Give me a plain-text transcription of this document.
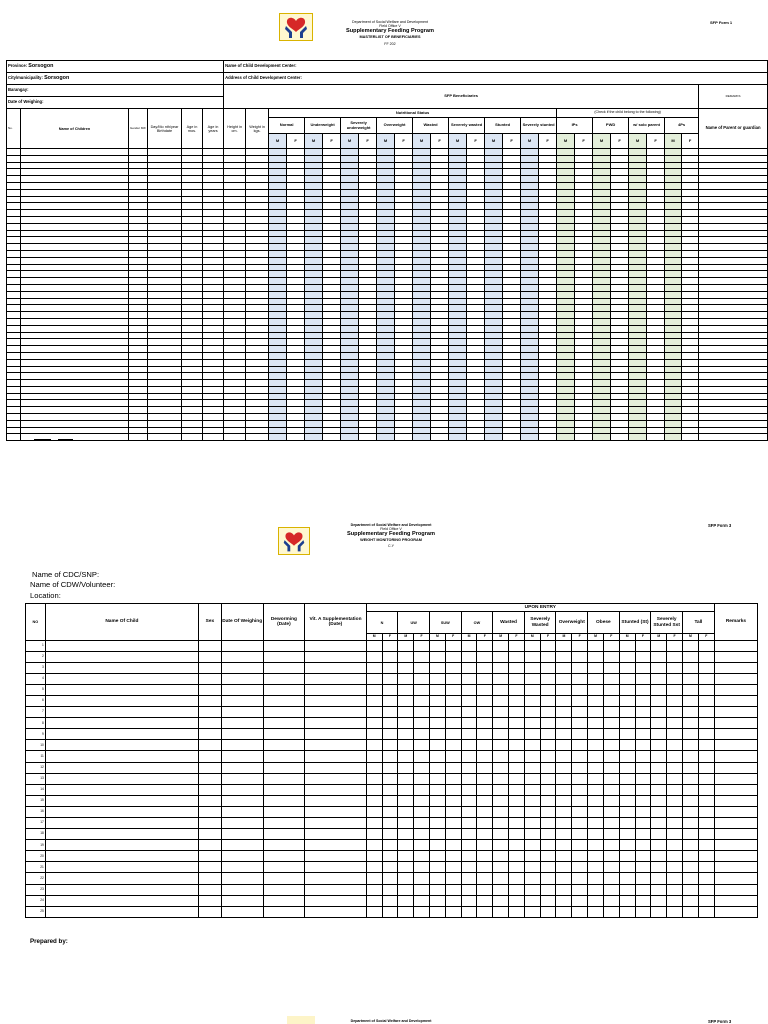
Department of Social Welfare and Development
Field Office V
Supplementary Feeding Program
MASTERLIST OF BENEFICIARIES
FF 202
SFP Form 1
Province: Sorsogon						Name of Child Development Center:																										
City/municipality: Sorsogon						Address of Child Development Center:																										
Barangay:						SFP Beneficiaries																										REMARKS
Date of Weighing:																																
No.	Name of Children	Gender M/F	Day/Mo nth/year Birthdate	Age in mos.	Age in years	Height in cm.	Weight in kgs.	Nutritional Status																(Check if the child belong to the following)								Name of Parent or guardian
								Normal		Underweight		Severely underweight		Overweight		Wasted		Severely wasted		Stunted		Severely stunted		IPs		PWD		w/ solo parent		4Ps		
								M	F	M	F	M	F	M	F	M	F	M	F	M	F	M	F	M	F	M	F	M	F	M	F	

Department of Social Welfare and Development
Field Office V
Supplementary Feeding Program
WEIGHT MONITORING PROGRAM
C.Y
SFP Form 3
Name of CDC/SNP:
Name of CDW/Volunteer:
Location:
NO	Name Of Child	Sex	Date Of Weighing	Deworming (Date)	Vit. A Supplementation (Date)	UPON ENTRY																						Remarks
						N		UW		SUW		OW		Wasted		Severely Wasted		Overweight		Obese		Stunted (St)		Severely Stunted Sst		Tall		
						M	F	M	F	M	F	M	F	M	F	M	F	M	F	M	F	M	F	M	F	M	F	
1																												
2																												
3																												
4																												
5																												
6																												
7																												
8																												
9																												
10																												
11																												
12																												
13																												
14																												
15																												
16																												
17																												
18																												
19																												
20																												
21																												
22																												
23																												
24																												
25																												
Prepared by:
Department of Social Welfare and Development	SFP Form 3
